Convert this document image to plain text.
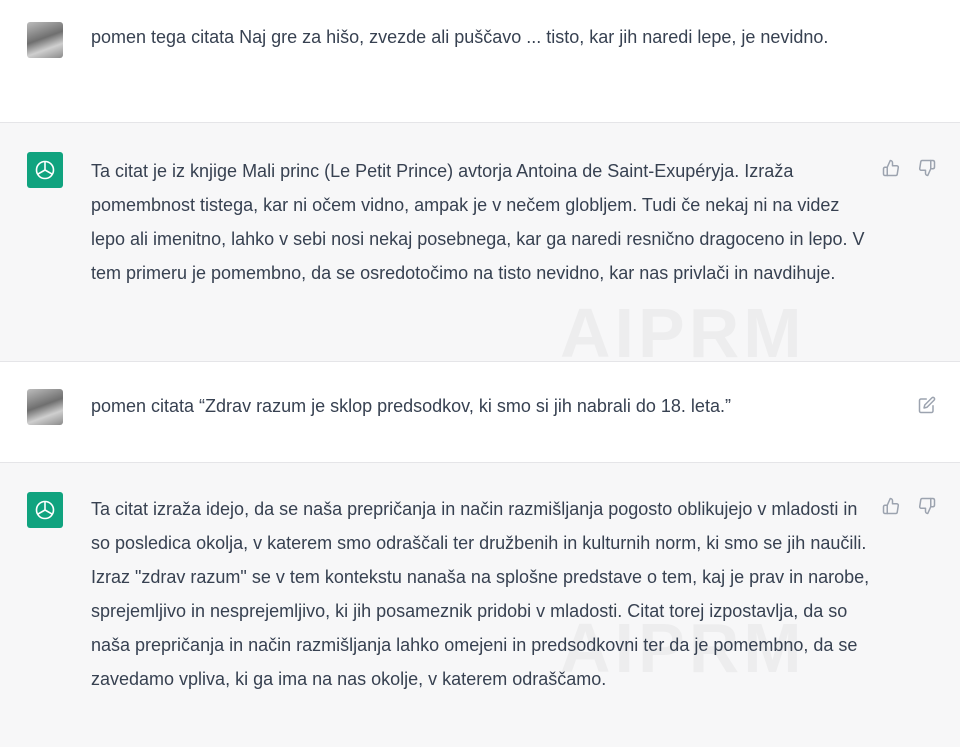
pomen tega citata Naj gre za hišo, zvezde ali puščavo ... tisto, kar jih naredi lepe, je nevidno.

Ta citat je iz knjige Mali princ (Le Petit Prince) avtorja Antoina de Saint-Exupéryja. Izraža pomembnost tistega, kar ni očem vidno, ampak je v nečem globljem. Tudi če nekaj ni na videz lepo ali imenitno, lahko v sebi nosi nekaj posebnega, kar ga naredi resnično dragoceno in lepo. V tem primeru je pomembno, da se osredotočimo na tisto nevidno, kar nas privlači in navdihuje.

pomen citata “Zdrav razum je sklop predsodkov, ki smo si jih nabrali do 18. leta.”

Ta citat izraža idejo, da se naša prepričanja in način razmišljanja pogosto oblikujejo v mladosti in so posledica okolja, v katerem smo odraščali ter družbenih in kulturnih norm, ki smo se jih naučili. Izraz "zdrav razum" se v tem kontekstu nanaša na splošne predstave o tem, kaj je prav in narobe, sprejemljivo in nesprejemljivo, ki jih posameznik pridobi v mladosti. Citat torej izpostavlja, da so naša prepričanja in način razmišljanja lahko omejeni in predsodkovni ter da je pomembno, da se zavedamo vpliva, ki ga ima na nas okolje, v katerem odraščamo.
